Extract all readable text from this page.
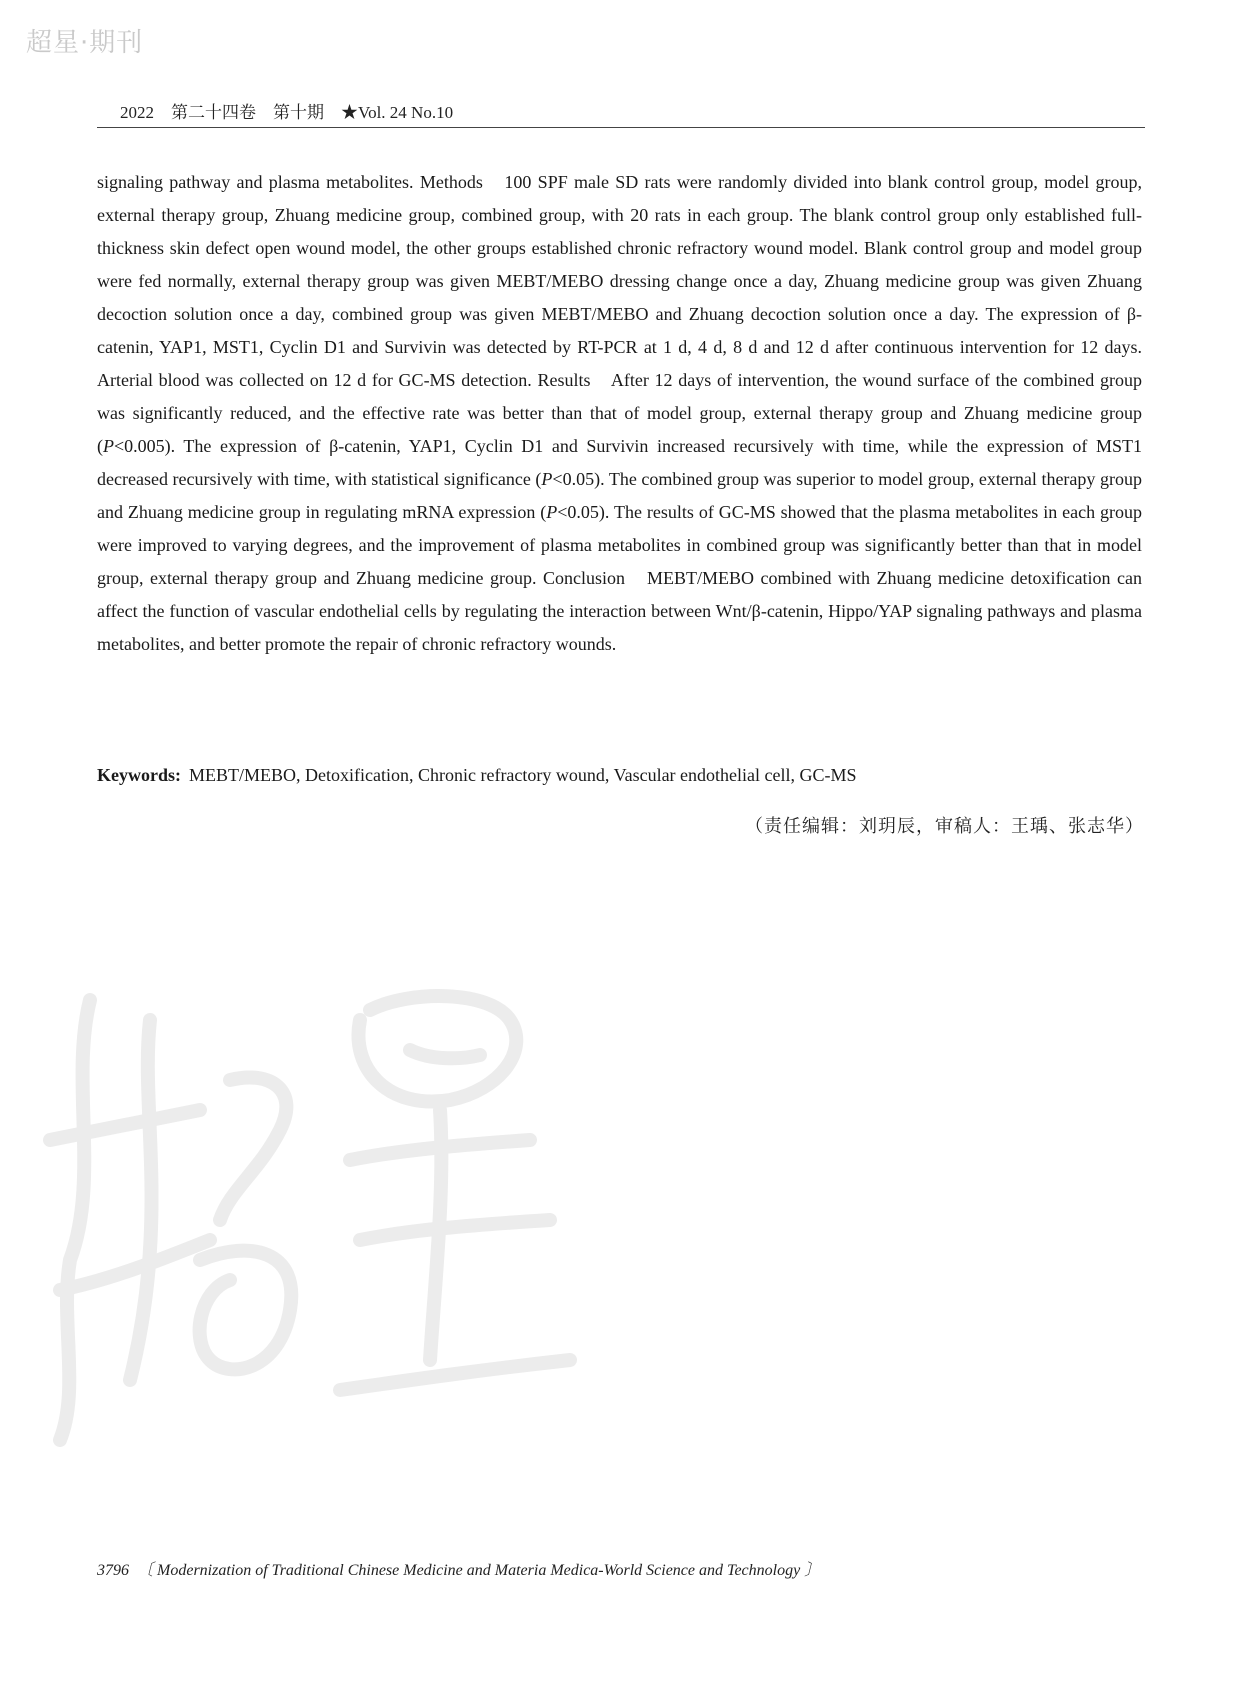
超星·期刊
2022　第二十四卷　第十期　★Vol. 24 No.10

signaling pathway and plasma metabolites. Methods　100 SPF male SD rats were randomly divided into blank control group, model group, external therapy group, Zhuang medicine group, combined group, with 20 rats in each group. The blank control group only established full-thickness skin defect open wound model, the other groups established chronic refractory wound model. Blank control group and model group were fed normally, external therapy group was given MEBT/MEBO dressing change once a day, Zhuang medicine group was given Zhuang decoction solution once a day, combined group was given MEBT/MEBO and Zhuang decoction solution once a day. The expression of β-catenin, YAP1, MST1, Cyclin D1 and Survivin was detected by RT-PCR at 1 d, 4 d, 8 d and 12 d after continuous intervention for 12 days. Arterial blood was collected on 12 d for GC-MS detection. Results　After 12 days of intervention, the wound surface of the combined group was significantly reduced, and the effective rate was better than that of model group, external therapy group and Zhuang medicine group (P<0.005). The expression of β-catenin, YAP1, Cyclin D1 and Survivin increased recursively with time, while the expression of MST1 decreased recursively with time, with statistical significance (P<0.05). The combined group was superior to model group, external therapy group and Zhuang medicine group in regulating mRNA expression (P<0.05). The results of GC-MS showed that the plasma metabolites in each group were improved to varying degrees, and the improvement of plasma metabolites in combined group was significantly better than that in model group, external therapy group and Zhuang medicine group. Conclusion　MEBT/MEBO combined with Zhuang medicine detoxification can affect the function of vascular endothelial cells by regulating the interaction between Wnt/β-catenin, Hippo/YAP signaling pathways and plasma metabolites, and better promote the repair of chronic refractory wounds.

Keywords: MEBT/MEBO, Detoxification, Chronic refractory wound, Vascular endothelial cell, GC-MS

（责任编辑：刘玥辰，审稿人：王瑀、张志华）
3796　 〔 Modernization of Traditional Chinese Medicine and Materia Medica-World Science and Technology 〕
